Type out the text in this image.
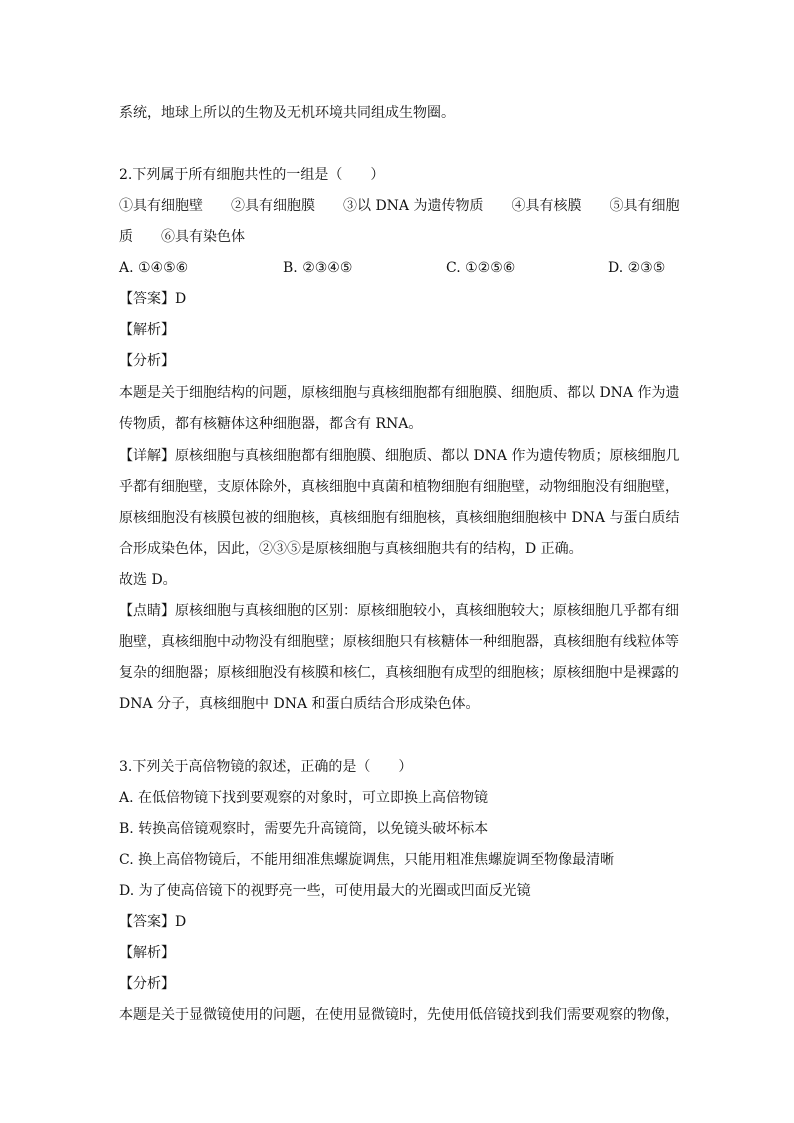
系统，地球上所以的生物及无机环境共同组成生物圈。
2.下列属于所有细胞共性的一组是（　　）
①具有细胞壁　　②具有细胞膜　　③以 DNA 为遗传物质　　④具有核膜　　⑤具有细胞
质　　⑥具有染色体
A. ①④⑤⑥	B. ②③④⑤	C. ①②⑤⑥	D. ②③⑤
【答案】D
【解析】
【分析】
本题是关于细胞结构的问题，原核细胞与真核细胞都有细胞膜、细胞质、都以 DNA 作为遗
传物质，都有核糖体这种细胞器，都含有 RNA。
【详解】原核细胞与真核细胞都有细胞膜、细胞质、都以 DNA 作为遗传物质；原核细胞几
乎都有细胞壁，支原体除外，真核细胞中真菌和植物细胞有细胞壁，动物细胞没有细胞壁，
原核细胞没有核膜包被的细胞核，真核细胞有细胞核，真核细胞细胞核中 DNA 与蛋白质结
合形成染色体，因此，②③⑤是原核细胞与真核细胞共有的结构，D 正确。
故选 D。
【点睛】原核细胞与真核细胞的区别：原核细胞较小，真核细胞较大；原核细胞几乎都有细
胞壁，真核细胞中动物没有细胞壁；原核细胞只有核糖体一种细胞器，真核细胞有线粒体等
复杂的细胞器；原核细胞没有核膜和核仁，真核细胞有成型的细胞核；原核细胞中是裸露的
DNA 分子，真核细胞中 DNA 和蛋白质结合形成染色体。
3.下列关于高倍物镜的叙述，正确的是（　　）
A. 在低倍物镜下找到要观察的对象时，可立即换上高倍物镜
B. 转换高倍镜观察时，需要先升高镜筒，以免镜头破坏标本
C. 换上高倍物镜后，不能用细准焦螺旋调焦，只能用粗准焦螺旋调至物像最清晰
D. 为了使高倍镜下的视野亮一些，可使用最大的光圈或凹面反光镜
【答案】D
【解析】
【分析】
本题是关于显微镜使用的问题，在使用显微镜时，先使用低倍镜找到我们需要观察的物像，
